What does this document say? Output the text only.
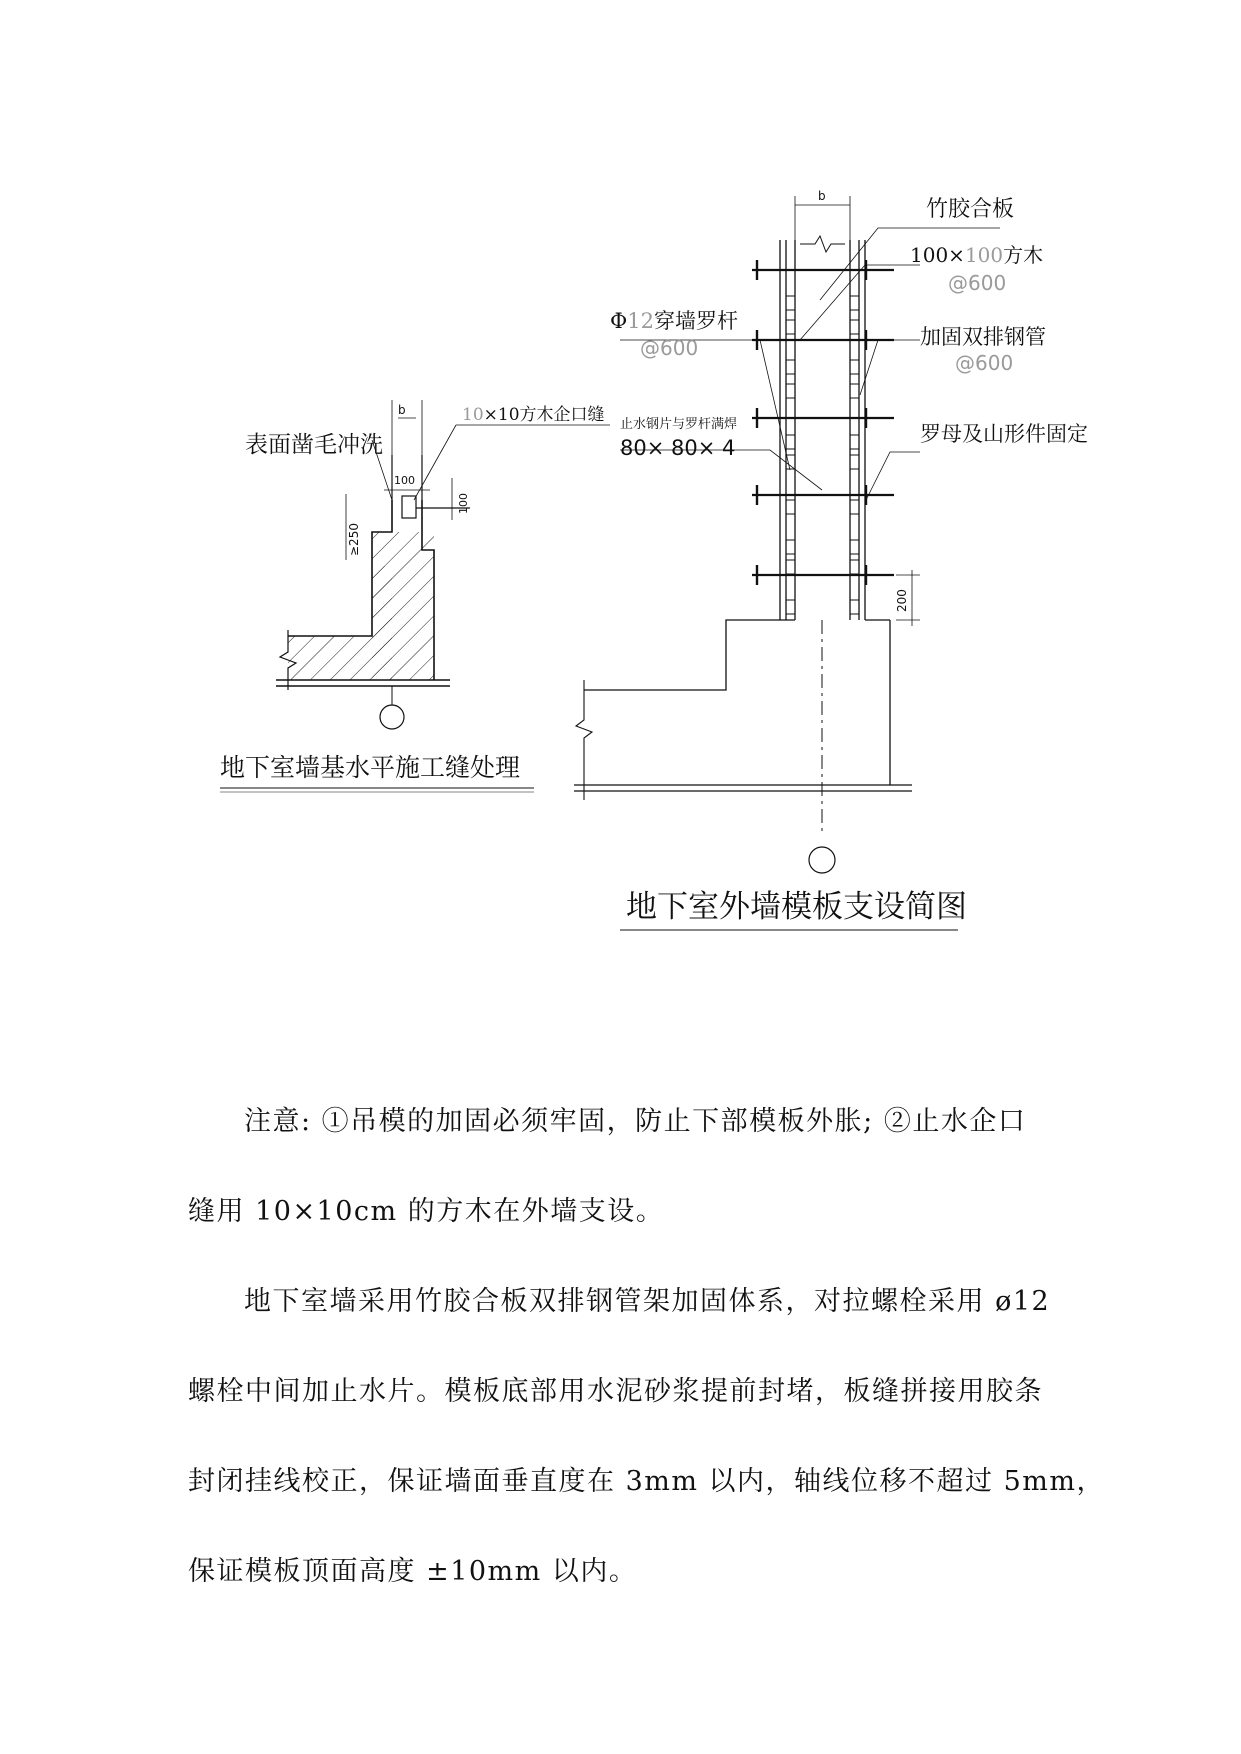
表面凿毛冲洗
10×10方木企口缝
b
100
100
≥250
地下室墙基水平施工缝处理
b
200
竹胶合板
100×100方木
@600
Φ12穿墙罗杆
@600	加固双排钢管
@600
止水钢片与罗杆满焊
80× 80× 4
罗母及山形件固定
地下室外墙模板支设简图
注意: ①吊模的加固必须牢固，防止下部模板外胀; ②止水企口
缝用 10×10cm 的方木在外墙支设。
地下室墙采用竹胶合板双排钢管架加固体系，对拉螺栓采用 ø12
螺栓中间加止水片。模板底部用水泥砂浆提前封堵，板缝拼接用胶条
封闭挂线校正，保证墙面垂直度在 3mm 以内，轴线位移不超过 5mm，
保证模板顶面高度 ±10mm 以内。
